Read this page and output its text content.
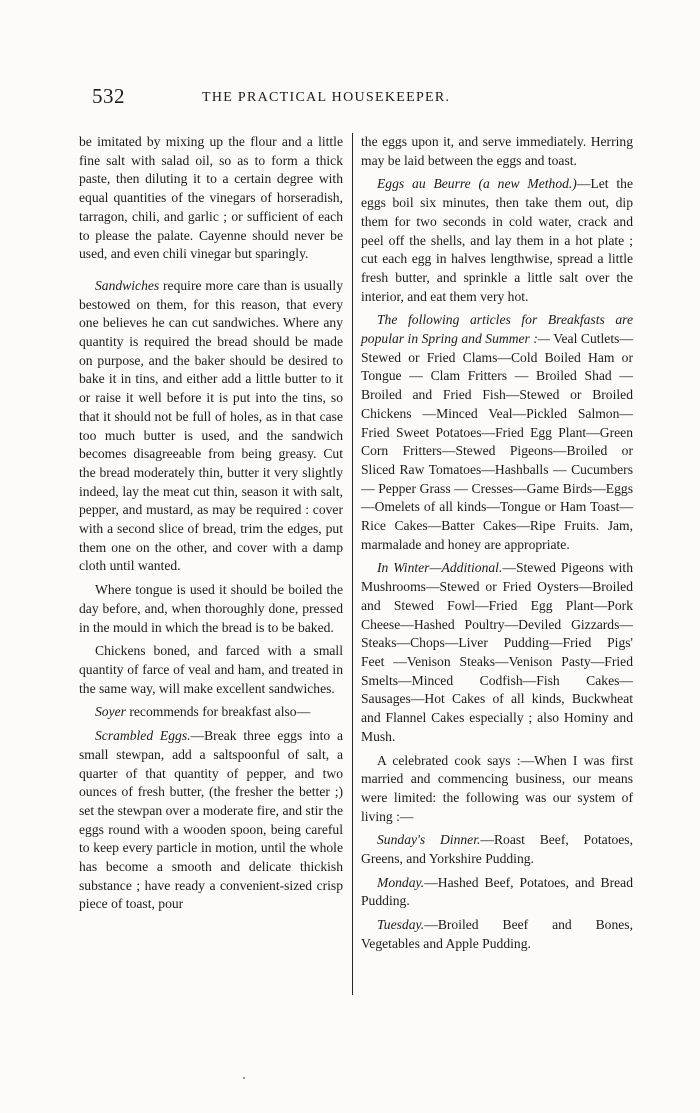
532	THE PRACTICAL HOUSEKEEPER.

be imitated by mixing up the flour and a little fine salt with salad oil, so as to form a thick paste, then diluting it to a certain degree with equal quantities of the vinegars of horseradish, tarragon, chili, and garlic ; or sufficient of each to please the palate. Cayenne should never be used, and even chili vinegar but sparingly.

Sandwiches require more care than is usually bestowed on them, for this reason, that every one believes he can cut sandwiches. Where any quantity is required the bread should be made on purpose, and the baker should be desired to bake it in tins, and either add a little butter to it or raise it well before it is put into the tins, so that it should not be full of holes, as in that case too much butter is used, and the sandwich becomes disagreeable from being greasy. Cut the bread moderately thin, butter it very slightly indeed, lay the meat cut thin, season it with salt, pepper, and mustard, as may be required : cover with a second slice of bread, trim the edges, put them one on the other, and cover with a damp cloth until wanted.

Where tongue is used it should be boiled the day before, and, when thoroughly done, pressed in the mould in which the bread is to be baked.

Chickens boned, and farced with a small quantity of farce of veal and ham, and treated in the same way, will make excellent sandwiches.

Soyer recommends for breakfast also—

Scrambled Eggs.—Break three eggs into a small stewpan, add a saltspoonful of salt, a quarter of that quantity of pepper, and two ounces of fresh butter, (the fresher the better ;) set the stewpan over a moderate fire, and stir the eggs round with a wooden spoon, being careful to keep every particle in motion, until the whole has become a smooth and delicate thickish substance ; have ready a convenient-sized crisp piece of toast, pour

the eggs upon it, and serve immediately. Herring may be laid between the eggs and toast.

Eggs au Beurre (a new Method.)—Let the eggs boil six minutes, then take them out, dip them for two seconds in cold water, crack and peel off the shells, and lay them in a hot plate ; cut each egg in halves lengthwise, spread a little fresh butter, and sprinkle a little salt over the interior, and eat them very hot.

The following articles for Breakfasts are popular in Spring and Summer :— Veal Cutlets—Stewed or Fried Clams—Cold Boiled Ham or Tongue — Clam Fritters — Broiled Shad — Broiled and Fried Fish—Stewed or Broiled Chickens —Minced Veal—Pickled Salmon—Fried Sweet Potatoes—Fried Egg Plant—Green Corn Fritters—Stewed Pigeons—Broiled or Sliced Raw Tomatoes—Hashballs — Cucumbers — Pepper Grass — Cresses—Game Birds—Eggs—Omelets of all kinds—Tongue or Ham Toast—Rice Cakes—Batter Cakes—Ripe Fruits. Jam, marmalade and honey are appropriate.

In Winter—Additional.—Stewed Pigeons with Mushrooms—Stewed or Fried Oysters—Broiled and Stewed Fowl—Fried Egg Plant—Pork Cheese—Hashed Poultry—Deviled Gizzards—Steaks—Chops—Liver Pudding—Fried Pigs' Feet —Venison Steaks—Venison Pasty—Fried Smelts—Minced Codfish—Fish Cakes—Sausages—Hot Cakes of all kinds, Buckwheat and Flannel Cakes especially ; also Hominy and Mush.

A celebrated cook says :—When I was first married and commencing business, our means were limited: the following was our system of living :—

Sunday's Dinner.—Roast Beef, Potatoes, Greens, and Yorkshire Pudding.

Monday.—Hashed Beef, Potatoes, and Bread Pudding.

Tuesday.—Broiled Beef and Bones, Vegetables and Apple Pudding.
